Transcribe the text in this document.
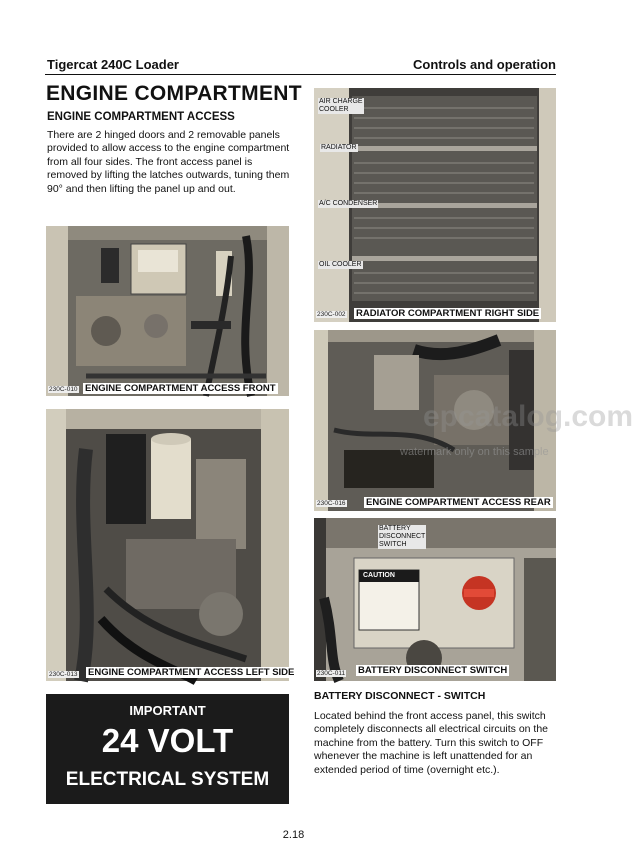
Tigercat 240C Loader	Controls and operation
ENGINE COMPARTMENT
ENGINE COMPARTMENT ACCESS
There are 2 hinged doors and 2 removable panels provided to allow access to the engine compartment from all four sides. The front access panel is removed by lifting the latches outwards, tuning them 90° and then lifting the panel up and out.
230C-010 ENGINE COMPARTMENT ACCESS FRONT
230C-013 ENGINE COMPARTMENT ACCESS LEFT SIDE
AIR CHARGE
COOLER
RADIATOR
A/C CONDENSER
OIL COOLER
230C-002 RADIATOR COMPARTMENT RIGHT SIDE
230C-016 ENGINE COMPARTMENT ACCESS REAR
epcatalog.com
watermark only on this sample
BATTERY
DISCONNECT
SWITCH
CAUTION
230C-011 BATTERY DISCONNECT SWITCH
IMPORTANT
24 VOLT
ELECTRICAL SYSTEM
BATTERY DISCONNECT - SWITCH
Located behind the front access panel, this switch completely disconnects all electrical circuits on the machine from the battery. Turn this switch to OFF whenever the machine is left unattended for an extended period of time (overnight etc.).
2.18
